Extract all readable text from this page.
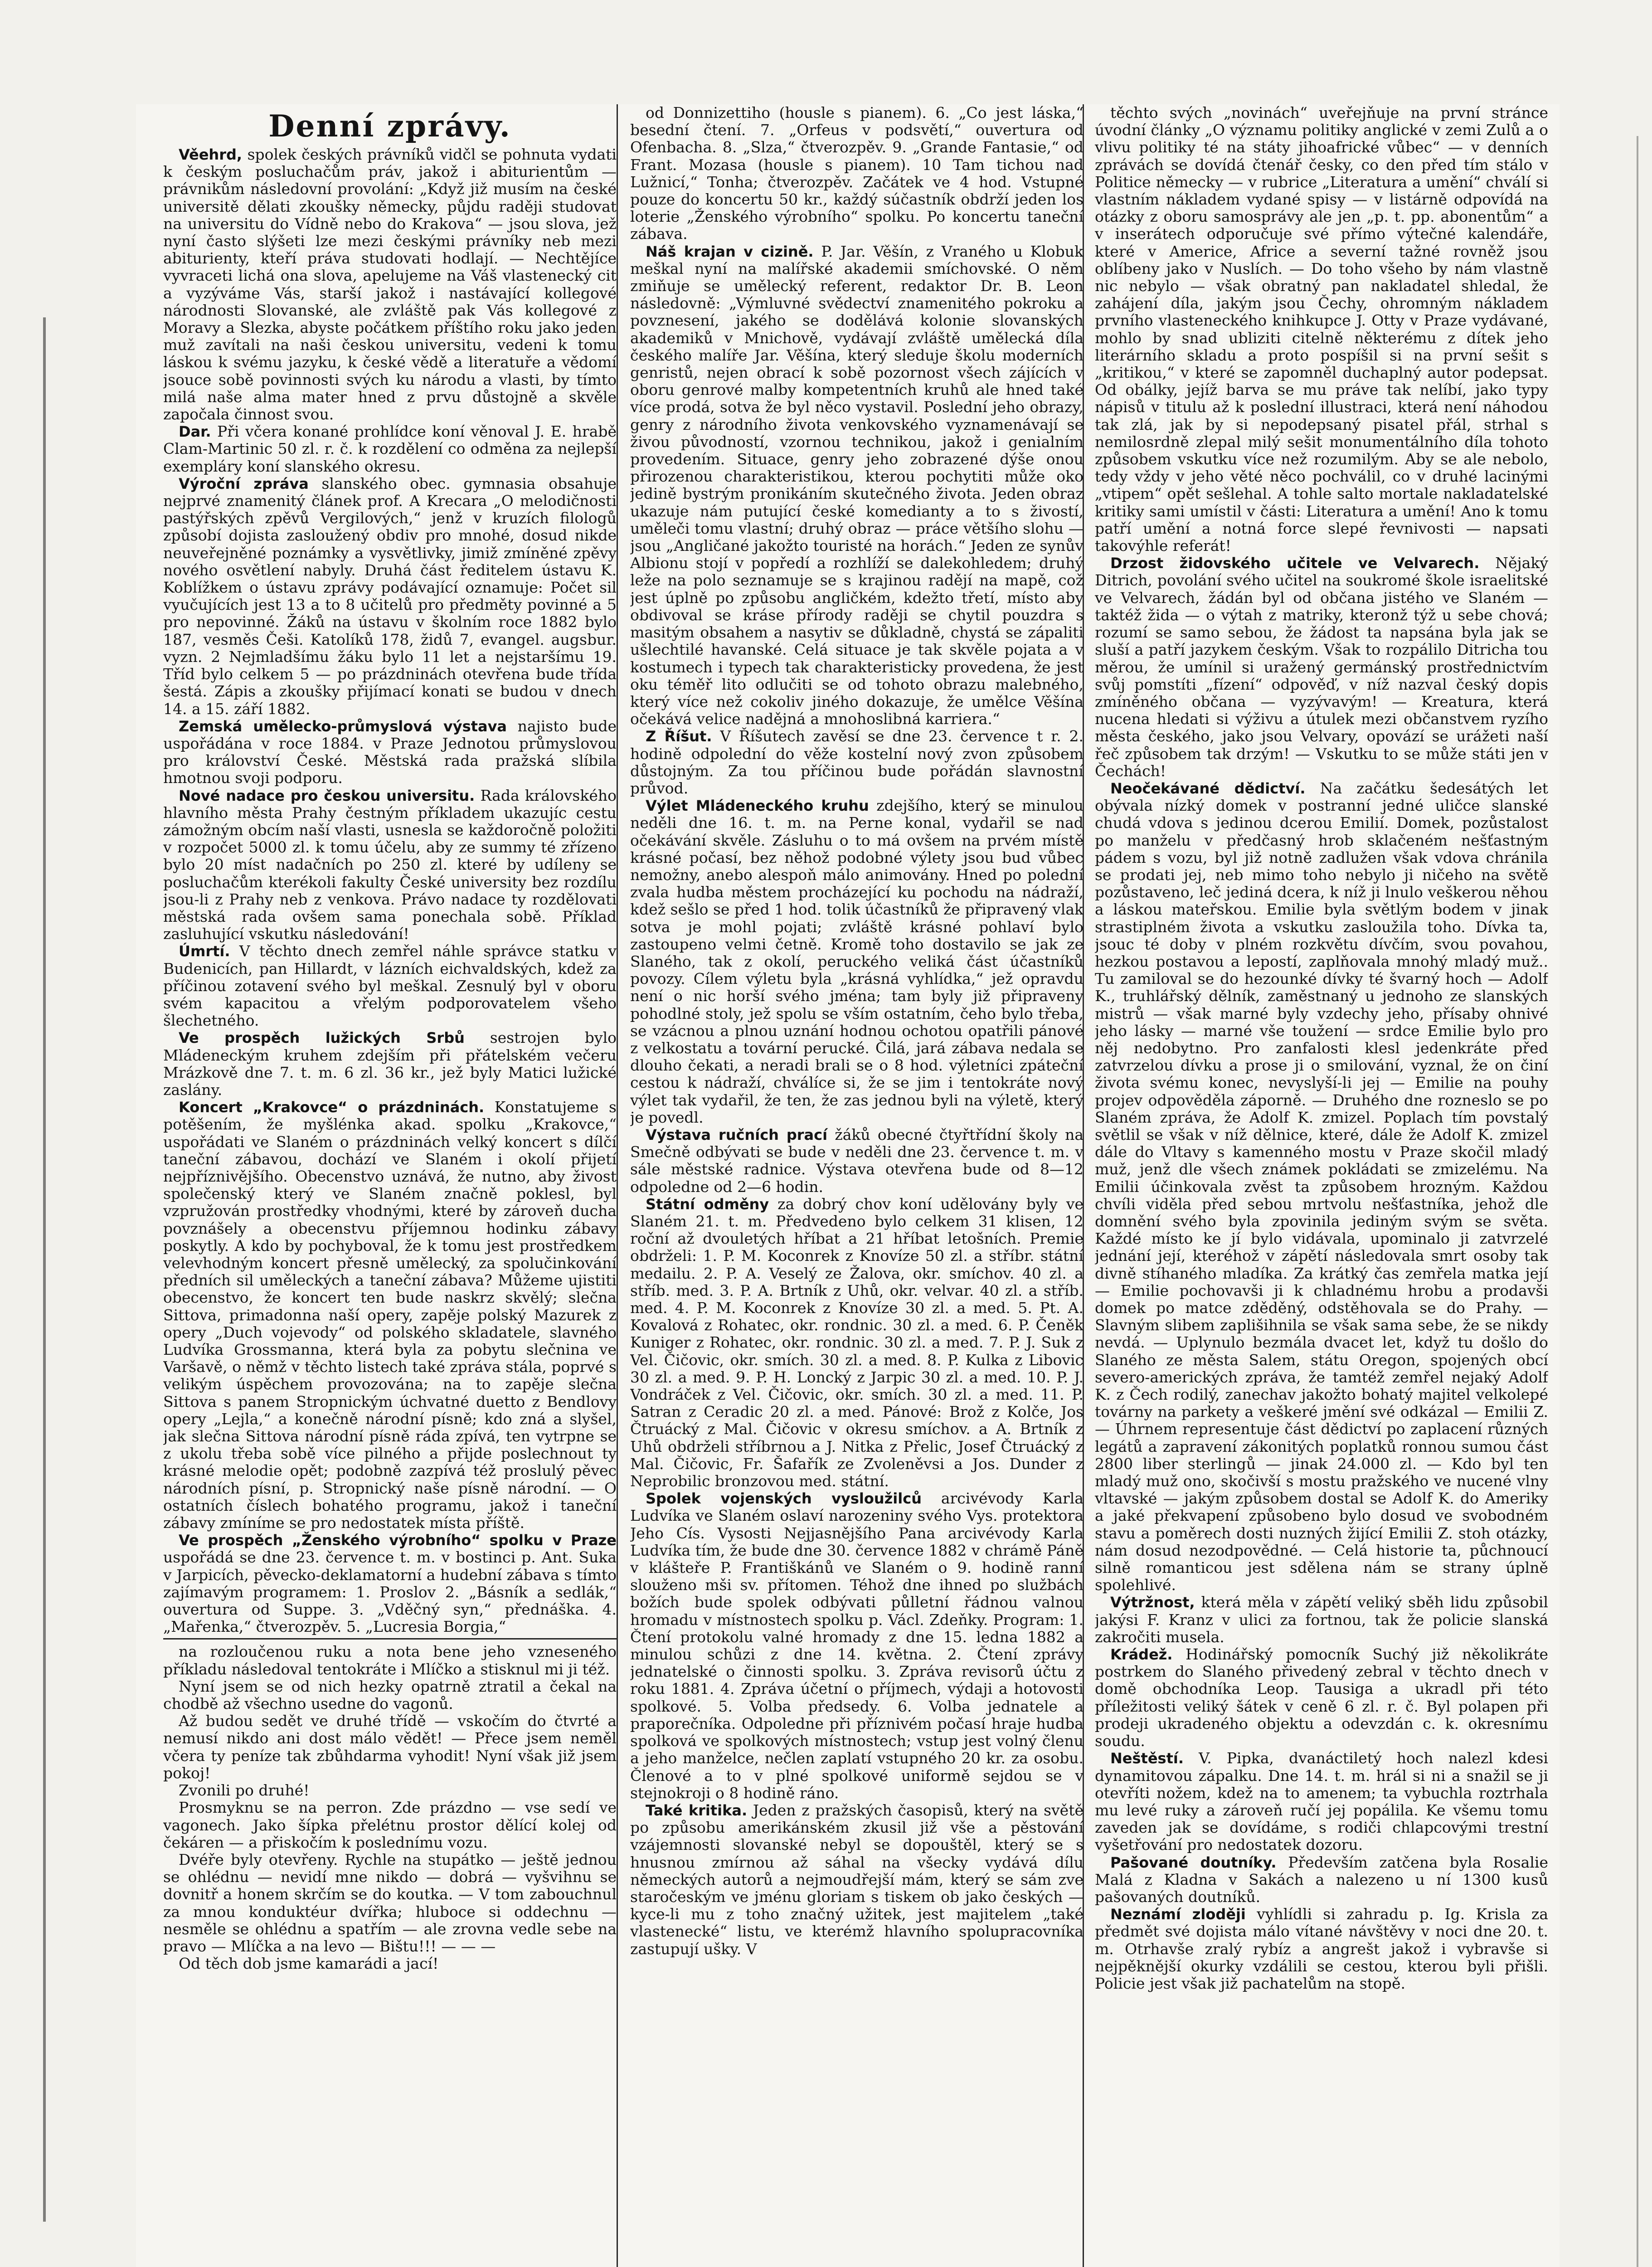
Denní zprávy.

Věehrd, spolek českých právníků vidčl se pohnuta vydati k českým posluchačům práv, jakož i abiturientům — právnikům následovní provolání: „Když již musím na české universitě dělati zkoušky německy, půjdu raději studovat na universitu do Vídně nebo do Krakova“ — jsou slova, jež nyní často slýšeti lze mezi českými právníky neb mezi abiturienty, kteří práva studovati hodlají. — Nechtějíce vyvraceti lichá ona slova, apelujeme na Váš vlastenecký cit a vyzýváme Vás, starší jakož i nastávající kollegové národnosti Slovanské, ale zvláště pak Vás kollegové z Moravy a Slezka, abyste počátkem příštího roku jako jeden muž zavítali na naši českou universitu, vedeni k tomu láskou k svému jazyku, k české vědě a literatuře a vědomí jsouce sobě povinnosti svých ku národu a vlasti, by tímto milá naše alma mater hned z prvu důstojně a skvěle započala činnost svou.

Dar. Při včera konané prohlídce koní věnoval J. E. hrabě Clam-Martinic 50 zl. r. č. k rozdělení co odměna za nejlepší exempláry koní slanského okresu.

Výroční zpráva slanského obec. gymnasia obsahuje nejprvé znamenitý článek prof. A Krecara „O melodičnosti pastýřských zpěvů Vergilových,“ jenž v kruzích filologů způsobí dojista zasloužený obdiv pro mnohé, dosud nikde neuveřejněné poznámky a vysvětlivky, jimiž zmíněné zpěvy nového osvětlení nabyly. Druhá část ředitelem ústavu K. Koblížkem o ústavu zprávy podávající oznamuje: Počet sil vyučujících jest 13 a to 8 učitelů pro předměty povinné a 5 pro nepovinné. Žáků na ústavu v školním roce 1882 bylo 187, vesměs Češi. Katolíků 178, židů 7, evangel. augsbur. vyzn. 2 Nejmladšímu žáku bylo 11 let a nejstaršímu 19. Tříd bylo celkem 5 — po prázdninách otevřena bude třída šestá. Zápis a zkoušky přijímací konati se budou v dnech 14. a 15. září 1882.

Zemská umělecko-průmyslová výstava najisto bude uspořádána v roce 1884. v Praze Jednotou průmyslovou pro království České. Městská rada pražská slíbila hmotnou svoji podporu.

Nové nadace pro českou universitu. Rada královského hlavního města Prahy čestným příkladem ukazujíc cestu zámožným obcím naší vlasti, usnesla se každoročně položiti v rozpočet 5000 zl. k tomu účelu, aby ze summy té zřízeno bylo 20 míst nadačních po 250 zl. které by udíleny se posluchačům kterékoli fakulty České university bez rozdílu jsou-li z Prahy neb z venkova. Právo nadace ty rozdělovati městská rada ovšem sama ponechala sobě. Příklad zasluhující vskutku následování!

Úmrtí. V těchto dnech zemřel náhle správce statku v Budenicích, pan Hillardt, v lázních eichvaldských, kdež za příčinou zotavení svého byl meškal. Zesnulý byl v oboru svém kapacitou a vřelým podporovatelem všeho šlechetného.

Ve prospěch lužických Srbů sestrojen bylo Mládeneckým kruhem zdejším při přátelském večeru Mrázkově dne 7. t. m. 6 zl. 36 kr., jež byly Matici lužické zaslány.

Koncert „Krakovce“ o prázdninách. Konstatujeme s potěšením, že myšlénka akad. spolku „Krakovce,“ uspořádati ve Slaném o prázdninách velký koncert s dílčí taneční zábavou, dochází ve Slaném i okolí přijetí nejpříznivějšího. Obecenstvo uznává, že nutno, aby živost společenský který ve Slaném značně poklesl, byl vzpružován prostředky vhodnými, které by zároveň ducha povznášely a obecenstvu příjemnou hodinku zábavy poskytly. A kdo by pochyboval, že k tomu jest prostředkem velevhodným koncert přesně umělecký, za spolučinkování předních sil uměleckých a taneční zábava? Můžeme ujistiti obecenstvo, že koncert ten bude naskrz skvělý; slečna Sittova, primadonna naší opery, zapěje polský Mazurek z opery „Duch vojevody“ od polského skladatele, slavného Ludvíka Grossmanna, která byla za pobytu slečnina ve Varšavě, o němž v těchto listech také zpráva stála, poprvé s velikým úspěchem provozována; na to zapěje slečna Sittova s panem Stropnickým úchvatné duetto z Bendlovy opery „Lejla,“ a konečně národní písně; kdo zná a slyšel, jak slečna Sittova národní písně ráda zpívá, ten vytrpne se z ukolu třeba sobě více pilného a přijde poslechnout ty krásné melodie opět; podobně zazpívá též proslulý pěvec národních písní, p. Stropnický naše písně národní. — O ostatních číslech bohatého programu, jakož i taneční zábavy zmíníme se pro nedostatek místa příště.

Ve prospěch „Ženského výrobního“ spolku v Praze uspořádá se dne 23. července t. m. v bostinci p. Ant. Suka v Jarpicích, pěvecko-deklamatorní a hudební zábava s tímto zajímavým programem: 1. Proslov 2. „Básník a sedlák,“ ouvertura od Suppe. 3. „Vděčný syn,“ přednáška. 4. „Mařenka,“ čtverozpěv. 5. „Lucresia Borgia,“

na rozloučenou ruku a nota bene jeho vzneseného příkladu následoval tentokráte i Mlíčko a stisknul mi ji též.

Nyní jsem se od nich hezky opatrně ztratil a čekal na chodbě až všechno usedne do vagonů.

Až budou sedět ve druhé třídě — vskočím do čtvrté a nemusí nikdo ani dost málo vědět! — Přece jsem neměl včera ty peníze tak zbůhdarma vyhodit! Nyní však již jsem pokoj!

Zvonili po druhé!

Prosmyknu se na perron. Zde prázdno — vse sedí ve vagonech. Jako šípka přelétnu prostor dělící kolej od čekáren — a přiskočím k poslednímu vozu.

Dvéře byly otevřeny. Rychle na stupátko — ještě jednou se ohlédnu — nevidí mne nikdo — dobrá — vyšvihnu se dovnitř a honem skrčím se do koutka. — V tom zabouchnul za mnou konduktéur dvířka; hluboce si oddechnu — nesměle se ohlédnu a spatřím — ale zrovna vedle sebe na pravo — Mlíčka a na levo — Bištu!!! — — —

Od těch dob jsme kamarádi a jací!

od Donnizettiho (housle s pianem). 6. „Co jest láska,“ besední čtení. 7. „Orfeus v podsvětí,“ ouvertura od Ofenbacha. 8. „Slza,“ čtverozpěv. 9. „Grande Fantasie,“ od Frant. Mozasa (housle s pianem). 10 Tam tichou nad Lužnicí,“ Tonha; čtverozpěv. Začátek ve 4 hod. Vstupné pouze do koncertu 50 kr., každý súčastník obdrží jeden los loterie „Ženského výrobního“ spolku. Po koncertu taneční zábava.

Náš krajan v cizině. P. Jar. Věšín, z Vraného u Klobuk meškal nyní na malířské akademii smíchovské. O něm zmiňuje se umělecký referent, redaktor Dr. B. Leon následovně: „Výmluvné svědectví znamenitého pokroku a povznesení, jakého se dodělává kolonie slovanských akademiků v Mnichově, vydávají zvláště umělecká díla českého malíře Jar. Věšína, který sleduje školu moderních genristů, nejen obrací k sobě pozornost všech zájících v oboru genrové malby kompetentních kruhů ale hned také více prodá, sotva že byl něco vystavil. Poslední jeho obrazy, genry z národního života venkovského vyznamenávají se živou původností, vzornou technikou, jakož i genialním provedením. Situace, genry jeho zobrazené dýše onou přirozenou charakteristikou, kterou pochytiti může oko jedině bystrým pronikáním skutečného života. Jeden obraz ukazuje nám putující české komedianty a to s živostí, uměleči tomu vlastní; druhý obraz — práce většího slohu — jsou „Angličané jakožto touristé na horách.“ Jeden ze synův Albionu stojí v popředí a rozhlíží se dalekohledem; druhý leže na polo seznamuje se s krajinou radějí na mapě, což jest úplně po způsobu angličkém, kdežto třetí, místo aby obdivoval se kráse přírody raději se chytil pouzdra s masitým obsahem a nasytiv se důkladně, chystá se zápaliti ušlechtilé havanské. Celá situace je tak skvěle pojata a v kostumech i typech tak charakteristicky provedena, že jest oku téměř lito odlučiti se od tohoto obrazu malebného, který více než cokoliv jiného dokazuje, že umělce Věšína očekává velice nadějná a mnohoslibná karriera.“

Z Říšut. V Říšutech zavěsí se dne 23. července t r. 2. hodině odpolední do věže kostelní nový zvon způsobem důstojným. Za tou příčinou bude pořádán slavnostní průvod.

Výlet Mládeneckého kruhu zdejšího, který se minulou neděli dne 16. t. m. na Perne konal, vydařil se nad očekávání skvěle. Zásluhu o to má ovšem na prvém místě krásné počasí, bez něhož podobné výlety jsou bud vůbec nemožny, anebo alespoň málo animovány. Hned po polední zvala hudba městem procházející ku pochodu na nádraží, kdež sešlo se před 1 hod. tolik účastníků že připravený vlak sotva je mohl pojati; zvláště krásné pohlaví bylo zastoupeno velmi četně. Kromě toho dostavilo se jak ze Slaného, tak z okolí, peruckého veliká část účastníků povozy. Cílem výletu byla „krásná vyhlídka,“ jež opravdu není o nic horší svého jména; tam byly již připraveny pohodlné stoly, jež spolu se vším ostatním, čeho bylo třeba, se vzácnou a plnou uznání hodnou ochotou opatřili pánové z velkostatu a tovární perucké. Čilá, jará zábava nedala se dlouho čekati, a neradi brali se o 8 hod. výletníci zpáteční cestou k nádraží, chválíce si, že se jim i tentokráte nový výlet tak vydařil, že ten, že zas jednou byli na výletě, který je povedl.

Výstava ručních prací žáků obecné čtyřtřídní školy na Smečně odbývati se bude v neděli dne 23. července t. m. v sále městské radnice. Výstava otevřena bude od 8—12 odpoledne od 2—6 hodin.

Státní odměny za dobrý chov koní udělovány byly ve Slaném 21. t. m. Předvedeno bylo celkem 31 klisen, 12 roční až dvouletých hříbat a 21 hříbat letošních. Premie obdrželi: 1. P. M. Koconrek z Knovíze 50 zl. a stříbr. státní medailu. 2. P. A. Veselý ze Žalova, okr. smíchov. 40 zl. a stříb. med. 3. P. A. Brtník z Uhů, okr. velvar. 40 zl. a stříb. med. 4. P. M. Koconrek z Knovíze 30 zl. a med. 5. Pt. A. Kovalová z Rohatec, okr. rondnic. 30 zl. a med. 6. P. Čeněk Kuniger z Rohatec, okr. rondnic. 30 zl. a med. 7. P. J. Suk z Vel. Čičovic, okr. smích. 30 zl. a med. 8. P. Kulka z Libovic 30 zl. a med. 9. P. H. Loncký z Jarpic 30 zl. a med. 10. P. J. Vondráček z Vel. Čičovic, okr. smích. 30 zl. a med. 11. P. Satran z Ceradic 20 zl. a med. Pánové: Brož z Kolče, Jos Čtruácký z Mal. Čičovic v okresu smíchov. a A. Brtník z Uhů obdrželi stříbrnou a J. Nitka z Přelic, Josef Čtruácký z Mal. Čičovic, Fr. Šafařík ze Zvoleněvsi a Jos. Dunder z Neprobilic bronzovou med. státní.

Spolek vojenských vysloužilců arcivévody Karla Ludvíka ve Slaném oslaví narozeniny svého Vys. protektora Jeho Cís. Vysosti Nejjasnějšího Pana arcivévody Karla Ludvíka tím, že bude dne 30. července 1882 v chrámě Páně v klášteře P. Františkánů ve Slaném o 9. hodině ranní slouženo mši sv. přítomen. Téhož dne ihned po službách božích bude spolek odbývati půlletní řádnou valnou hromadu v místnostech spolku p. Václ. Zdeňky. Program: 1. Čtení protokolu valné hromady z dne 15. ledna 1882 a minulou schůzi z dne 14. května. 2. Čtení zprávy jednatelské o činnosti spolku. 3. Zpráva revisorů účtu z roku 1881. 4. Zpráva účetní o příjmech, výdaji a hotovosti spolkové. 5. Volba předsedy. 6. Volba jednatele a praporečníka. Odpoledne při příznivém počasí hraje hudba spolková ve spolkových místnostech; vstup jest volný členu a jeho manželce, nečlen zaplatí vstupného 20 kr. za osobu. Členové a to v plné spolkové uniformě sejdou se v stejnokroji o 8 hodině ráno.

Také kritika. Jeden z pražských časopisů, který na světě po způsobu amerikánském zkusil již vše a pěstování vzájemnosti slovanské nebyl se dopouštěl, který se s hnusnou zmírnou až sáhal na všecky vydává dílu německých autorů a nejmoudřejší mám, který se sám zve staročeským ve jménu gloriam s tiskem ob jako českých — kyce-li mu z toho značný užitek, jest majitelem „také vlastenecké“ listu, ve kterémž hlavního spolupracovníka zastupují ušky. V

těchto svých „novinách“ uveřejňuje na první stránce úvodní články „O významu politiky anglické v zemi Zulů a o vlivu politiky té na státy jihoafrické vůbec“ — v denních zprávách se dovídá čtenář česky, co den před tím stálo v Politice německy — v rubrice „Literatura a umění“ chválí si vlastním nákladem vydané spisy — v listárně odpovídá na otázky z oboru samosprávy ale jen „p. t. pp. abonentům“ a v inserátech odporučuje své přímo výtečné kalendáře, které v Americe, Africe a severní tažné rovněž jsou oblíbeny jako v Nuslích. — Do toho všeho by nám vlastně nic nebylo — však obratný pan nakladatel shledal, že zahájení díla, jakým jsou Čechy, ohromným nákladem prvního vlasteneckého knihkupce J. Otty v Praze vydávané, mohlo by snad ubliziti citelně některému z dítek jeho literárního skladu a proto pospíšil si na první sešit s „kritikou,“ v které se zapomněl duchaplný autor podepsat. Od obálky, jejíž barva se mu práve tak nelíbí, jako typy nápisů v titulu až k poslední illustraci, která není náhodou tak zlá, jak by si nepodepsaný pisatel přál, strhal s nemilosrdně zlepal milý sešit monumentálního díla tohoto způsobem vskutku více než rozumilým. Aby se ale nebolo, tedy vždy v jeho věté něco pochválil, co v druhé lacinými „vtipem“ opět sešlehal. A tohle salto mortale nakladatelské kritiky sami umístil v části: Literatura a umění! Ano k tomu patří umění a notná force slepé řevnivosti — napsati takovýhle referát!

Drzost židovského učitele ve Velvarech. Nějaký Ditrich, povolání svého učitel na soukromé škole israelitské ve Velvarech, žádán byl od občana jistého ve Slaném — taktéž žida — o výtah z matriky, kteronž týž u sebe chová; rozumí se samo sebou, že žádost ta napsána byla jak se sluší a patří jazykem českým. Však to rozpálilo Ditricha tou měrou, že umínil si uražený germánský prostřednictvím svůj pomstíti „fízení“ odpověď, v níž nazval český dopis zmíněného občana — vyzývavým! — Kreatura, která nucena hledati si výživu a útulek mezi občanstvem ryzího města českého, jako jsou Velvary, opovází se urážeti naší řeč způsobem tak drzým! — Vskutku to se může státi jen v Čechách!

Neočekávané dědictví. Na začátku šedesátých let obývala nízký domek v postranní jedné uličce slanské chudá vdova s jedinou dcerou Emilií. Domek, pozůstalost po manželu v předčasný hrob sklačeném nešťastným pádem s vozu, byl již notně zadlužen však vdova chránila se prodati jej, neb mimo toho nebylo ji ničeho na světě pozůstaveno, leč jediná dcera, k níž ji lnulo veškerou něhou a láskou mateřskou. Emilie byla světlým bodem v jinak strastiplném života a vskutku zasloužila toho. Dívka ta, jsouc té doby v plném rozkvětu dívčím, svou povahou, hezkou postavou a lepostí, zaplňovala mnohý mladý muž.. Tu zamiloval se do hezounké dívky té švarný hoch — Adolf K., truhlářský dělník, zaměstnaný u jednoho ze slanských mistrů — však marné byly vzdechy jeho, přísaby ohnivé jeho lásky — marné vše toužení — srdce Emilie bylo pro něj nedobytno. Pro zanfalosti klesl jedenkráte před zatvrzelou dívku a prose ji o smilování, vyznal, že on činí života svému konec, nevyslyší-li jej — Emilie na pouhy projev odpověděla záporně. — Druhého dne rozneslo se po Slaném zpráva, že Adolf K. zmizel. Poplach tím povstalý světlil se však v níž dělnice, které, dále že Adolf K. zmizel dále do Vltavy s kamenného mostu v Praze skočil mladý muž, jenž dle všech známek pokládati se zmizelému. Na Emilii účinkovala zvěst ta způsobem hrozným. Každou chvíli viděla před sebou mrtvolu nešťastníka, jehož dle domnění svého byla zpovinila jediným svým se světa. Každé místo ke jí bylo vidávala, upominalo ji zatvrzelé jednání její, kteréhož v zápětí následovala smrt osoby tak divně stíhaného mladíka. Za krátký čas zemřela matka její — Emilie pochovavši ji k chladnému hrobu a prodavši domek po matce zděděný, odstěhovala se do Prahy. — Slavným slibem zaplišihnila se však sama sebe, že se nikdy nevdá. — Uplynulo bezmála dvacet let, když tu došlo do Slaného ze města Salem, státu Oregon, spojených obcí severo-amerických zpráva, že tamtéž zemřel nejaký Adolf K. z Čech rodilý, zanechav jakožto bohatý majitel velkolepé továrny na parkety a veškeré jmění své odkázal — Emilii Z. — Úhrnem representuje část dědictví po zaplacení různých legátů a zapravení zákonitých poplatků ronnou sumou část 2800 liber sterlingů — jinak 24.000 zl. — Kdo byl ten mladý muž ono, skočivší s mostu pražského ve nucené vlny vltavské — jakým způsobem dostal se Adolf K. do Ameriky a jaké překvapení způsobeno bylo dosud ve svobodném stavu a poměrech dosti nuzných žijící Emilii Z. stoh otázky, nám dosud nezodpovědné. — Celá historie ta, půchnoucí silně romanticou jest sdělena nám se strany úplně spolehlivé.

Výtržnost, která měla v zápětí veliký sběh lidu způsobil jakýsi F. Kranz v ulici za fortnou, tak že policie slanská zakročiti musela.

Krádež. Hodinářský pomocník Suchý již několikráte postrkem do Slaného přivedený zebral v těchto dnech v domě obchodníka Leop. Tausiga a ukradl při této příležitosti veliký šátek v ceně 6 zl. r. č. Byl polapen při prodeji ukradeného objektu a odevzdán c. k. okresnímu soudu.

Neštěstí. V. Pipka, dvanáctiletý hoch nalezl kdesi dynamitovou zápalku. Dne 14. t. m. hrál si ni a snažil se ji otevříti nožem, kdež na to amenem; ta vybuchla roztrhala mu levé ruky a zároveň ručí jej popálila. Ke všemu tomu zaveden jak se dovídáme, s rodiči chlapcovými trestní vyšetřování pro nedostatek dozoru.

Pašované doutníky. Především zatčena byla Rosalie Malá z Kladna v Sakách a nalezeno u ní 1300 kusů pašovaných doutníků.

Neznámí zloději vyhlídli si zahradu p. Ig. Krisla za předmět své dojista málo vítané návštěvy v noci dne 20. t. m. Otrhavše zralý rybíz a angrešt jakož i vybravše si nejpěknější okurky vzdálili se cestou, kterou byli přišli. Policie jest však již pachatelům na stopě.
